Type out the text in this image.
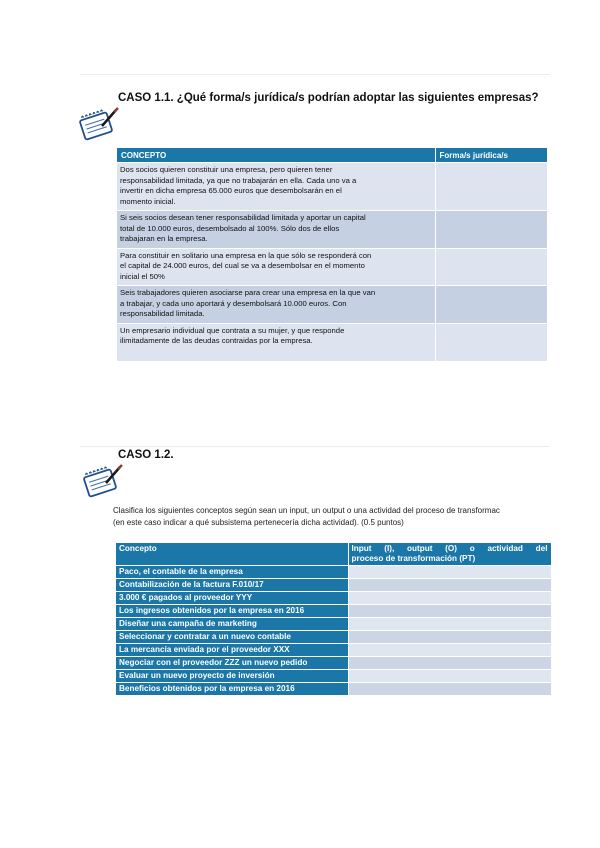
CASO 1.1. ¿Qué forma/s jurídica/s podrían adoptar las siguientes empresas?
CONCEPTO	Forma/s jurídica/s

Dos socios quieren constituir una empresa, pero quieren tener
responsabilidad limitada, ya que no trabajarán en ella. Cada uno va a
invertir en dicha empresa 65.000 euros que desembolsarán en el
momento inicial.	

Si seis socios desean tener responsabilidad limitada y aportar un capital
total de 10.000 euros, desembolsado al 100%. Sólo dos de ellos
trabajaran en la empresa.	

Para constituir en solitario una empresa en la que sólo se responderá con
el capital de 24.000 euros, del cual se va a desembolsar en el momento
inicial el 50%	

Seis trabajadores quieren asociarse para crear una empresa en la que van
a trabajar, y cada uno aportará y desembolsará 10.000 euros. Con
responsabilidad limitada.	

Un empresario individual que contrata a su mujer, y que responde
ilimitadamente de las deudas contraidas por la empresa.	

CASO 1.2.
Clasifica los siguientes conceptos según sean un input, un output o una actividad del proceso de transformac
(en este caso indicar a qué subsistema pertenecería dicha actividad). (0.5 puntos)
Concepto	Input (I), output (O) o actividad del
proceso de transformación (PT)

Paco, el contable de la empresa	
Contabilización de la factura F.010/17	
3.000 € pagados al proveedor YYY	
Los ingresos obtenidos por la empresa en 2016	
Diseñar una campaña de marketing	
Seleccionar y contratar a un nuevo contable	
La mercancía enviada por el proveedor XXX	
Negociar con el proveedor ZZZ un nuevo pedido	
Evaluar un nuevo proyecto de inversión	
Beneficios obtenidos por la empresa en 2016	
